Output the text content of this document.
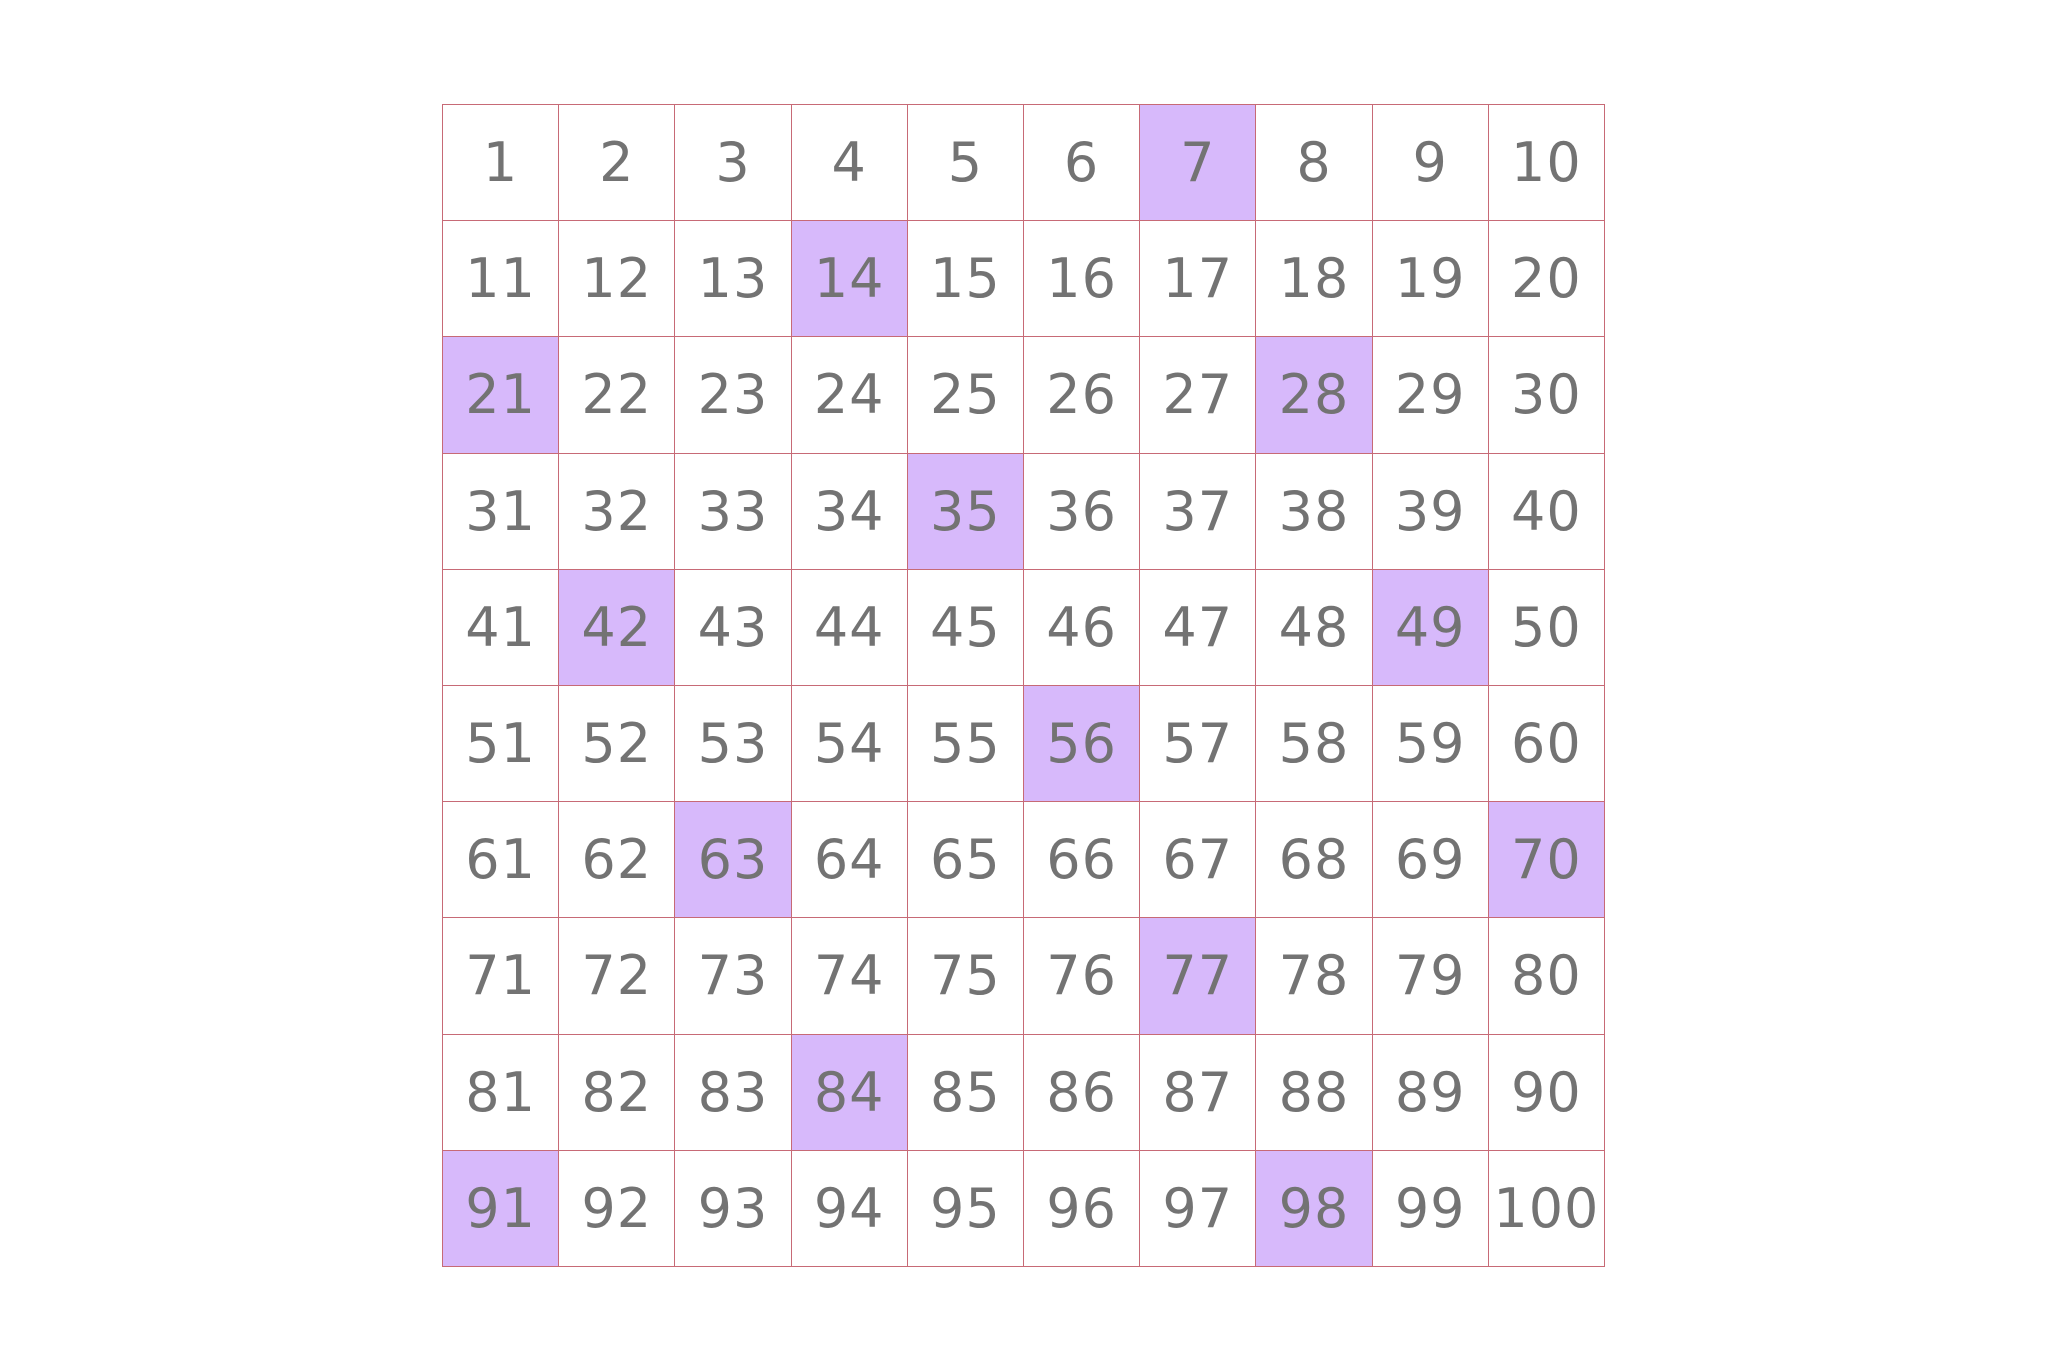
1	2	3	4	5	6	7	8	9	10
11 12 13 14 15 16 17 18 19 20
21 22 23 24 25 26 27 28 29 30
31 32 33 34 35 36 37 38 39 40
41 42 43 44 45 46 47 48 49 50
51 52 53 54 55 56 57 58 59 60
61 62 63 64 65 66 67 68 69 70
71 72 73 74 75 76 77 78 79 80
81 82 83 84 85 86 87 88 89 90
91 92 93 94 95 96 97 98 99 100
